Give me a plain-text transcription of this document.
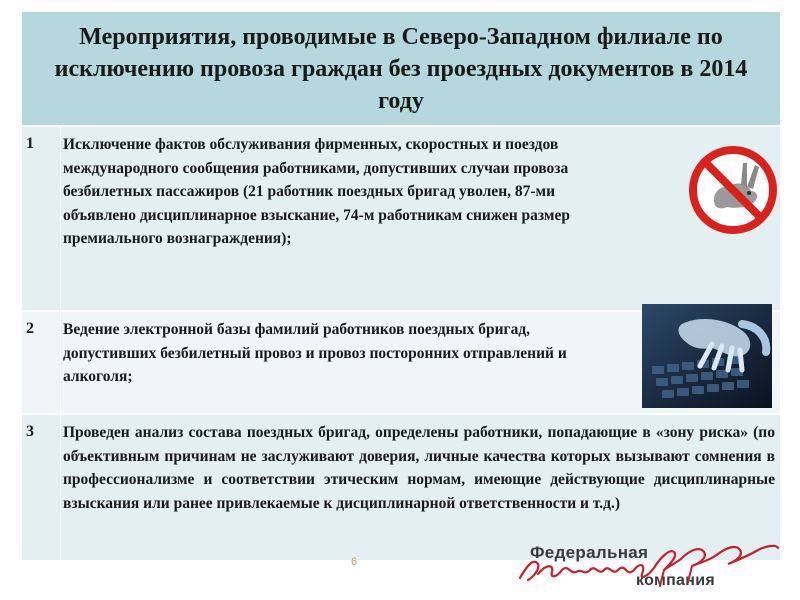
Мероприятия, проводимые в Северо-Западном филиале по исключению провоза граждан без проездных документов в 2014 году
1 Исключение фактов обслуживания фирменных, скоростных и поездов международного сообщения работниками, допустивших случаи провоза безбилетных пассажиров (21 работник поездных бригад уволен, 87-ми объявлено дисциплинарное взыскание, 74-м работникам снижен размер премиального вознаграждения);
2 Ведение электронной базы фамилий работников поездных бригад, допустивших безбилетный провоз и провоз посторонних отправлений и алкоголя;
3 Проведен анализ состава поездных бригад, определены работники, попадающие в «зону риска» (по объективным причинам не заслуживают доверия, личные качества которых вызывают сомнения в профессионализме и соответствии этическим нормам, имеющие действующие дисциплинарные взыскания или ранее привлекаемые к дисциплинарной ответственности и т.д.)
6	Федеральная
компания
